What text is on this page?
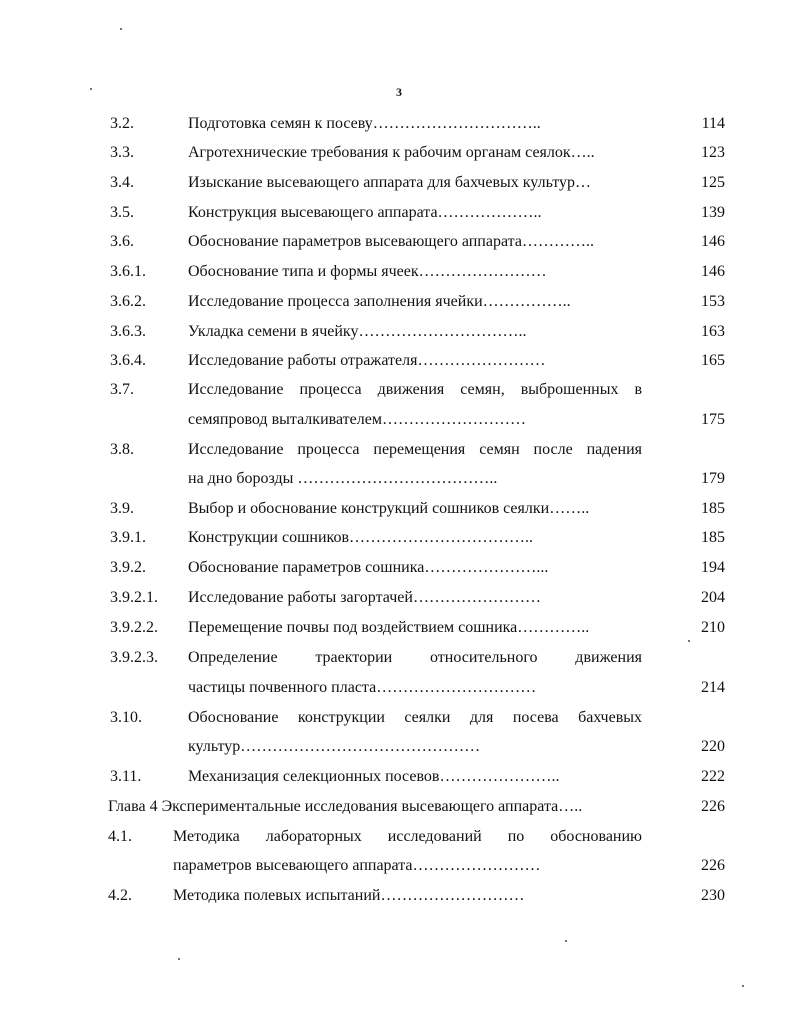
3
3.2.	Подготовка семян к посеву…………………………..	114
3.3.	Агротехнические требования к рабочим органам сеялок…..	123
3.4.	Изыскание высевающего аппарата для бахчевых культур…	125
3.5.	Конструкция высевающего аппарата………………..	139
3.6.	Обоснование параметров высевающего аппарата…………..	146
3.6.1.	Обоснование типа и формы ячеек……………………	146
3.6.2.	Исследование процесса заполнения ячейки……………..	153
3.6.3.	Укладка семени в ячейку…………………………..	163
3.6.4.	Исследование работы отражателя……………………	165
3.7.	Исследование процесса движения семян, выброшенных в
семяпровод выталкивателем………………………	175
3.8.	Исследование процесса перемещения семян после падения
на дно борозды ………………………………..	179
3.9.	Выбор и обоснование конструкций сошников сеялки……..	185
3.9.1.	Конструкции сошников……………………………..	185
3.9.2.	Обоснование параметров сошника…………………...	194
3.9.2.1. Исследование работы загортачей……………………	204
3.9.2.2. Перемещение почвы под воздействием сошника…………..	210
3.9.2.3. Определение траектории относительного движения
частицы почвенного пласта…………………………	214
3.10.	Обоснование конструкции сеялки для посева бахчевых
культур………………………………………	220
3.11.	Механизация селекционных посевов…………………..	222
Глава 4 Экспериментальные исследования высевающего аппарата…..	226
4.1.	Методика лабораторных исследований по обоснованию
параметров высевающего аппарата……………………	226
4.2.	Методика полевых испытаний………………………	230
